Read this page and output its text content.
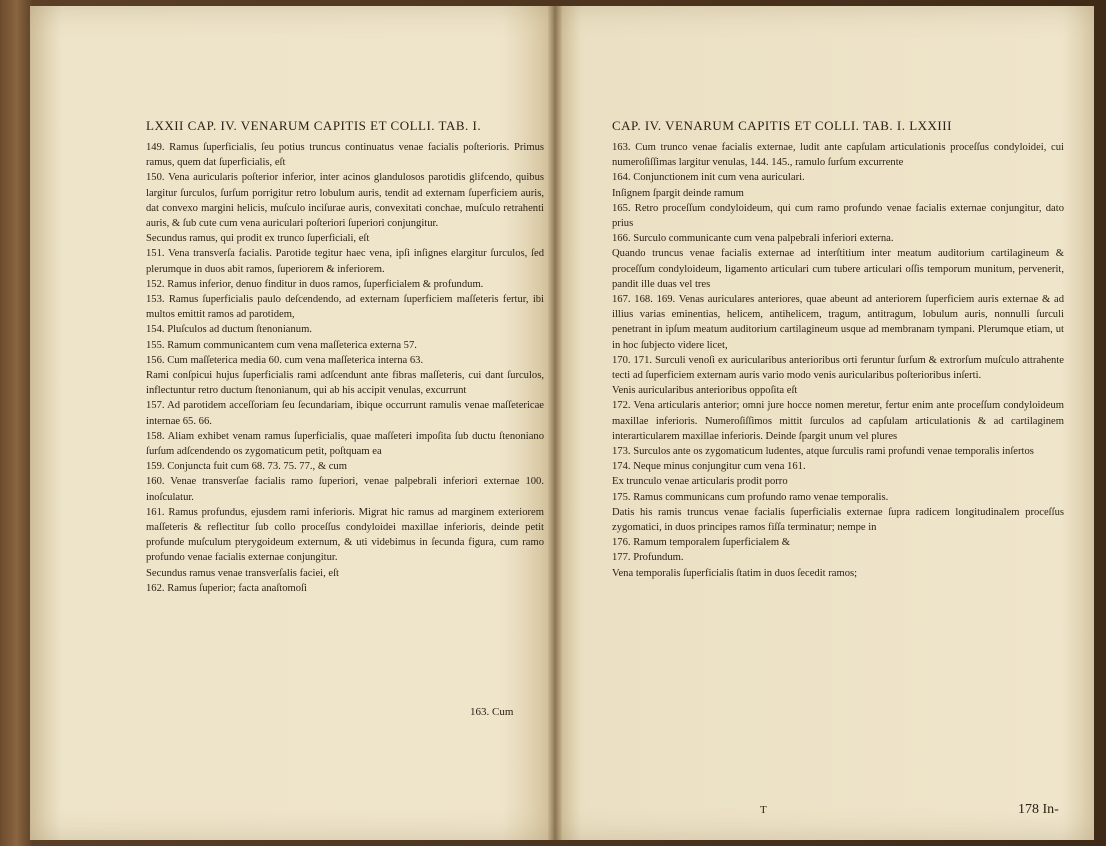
LXXII CAP. IV. VENARUM CAPITIS ET COLLI. TAB. I.

149. Ramus ſuperficialis, ſeu potius truncus continuatus venae facialis poſterioris. Primus ramus, quem dat ſuperficialis, eſt

150. Vena auricularis poſterior inferior, inter acinos glandulosos parotidis glifcendo, quibus largitur ſurculos, ſurſum porrigitur retro lobulum auris, tendit ad externam ſuperficiem auris, dat convexo margini helicis, muſculo inciſurae auris, convexitati conchae, muſculo retrahenti auris, & ſub cute cum vena auriculari poſteriori ſuperiori conjungitur.

Secundus ramus, qui prodit ex trunco ſuperficiali, eſt

151. Vena transverſa facialis. Parotide tegitur haec vena, ipſi inſignes elargitur ſurculos, ſed plerumque in duos abit ramos, ſuperiorem & inferiorem.

152. Ramus inferior, denuo finditur in duos ramos, ſuperficialem & profundum.

153. Ramus ſuperficialis paulo deſcendendo, ad externam ſuperficiem maſſeteris fertur, ibi multos emittit ramos ad parotidem,

154. Pluſculos ad ductum ſtenonianum.

155. Ramum communicantem cum vena maſſeterica externa 57.

156. Cum maſſeterica media 60. cum vena maſſeterica interna 63.

Rami conſpicui hujus ſuperficialis rami adſcendunt ante fibras maſſeteris, cui dant ſurculos, inflectuntur retro ductum ſtenonianum, qui ab his accipit venulas, excurrunt

157. Ad parotidem acceſſoriam ſeu ſecundariam, ibique occurrunt ramulis venae maſſetericae internae 65. 66.

158. Aliam exhibet venam ramus ſuperficialis, quae maſſeteri impoſita ſub ductu ſtenoniano ſurſum adſcendendo os zygomaticum petit, poſtquam ea

159. Conjuncta fuit cum 68. 73. 75. 77., & cum

160. Venae transverſae facialis ramo ſuperiori, venae palpebrali inferiori externae 100. inoſculatur.

161. Ramus profundus, ejusdem rami inferioris. Migrat hic ramus ad marginem exteriorem maſſeteris & reflectitur ſub collo proceſſus condyloidei maxillae inferioris, deinde petit profunde muſculum pterygoideum externum, & uti videbimus in ſecunda figura, cum ramo profundo venae facialis externae conjungitur.

Secundus ramus venae transverſalis faciei, eſt

162. Ramus ſuperior; facta anaſtomoſi

163. Cum
CAP. IV. VENARUM CAPITIS ET COLLI. TAB. I. LXXIII

163. Cum trunco venae facialis externae, ludit ante capſulam articulationis proceſſus condyloidei, cui numeroſiſſimas largitur venulas, 144. 145., ramulo ſurſum excurrente

164. Conjunctionem init cum vena auriculari.

Inſignem ſpargit deinde ramum

165. Retro proceſſum condyloideum, qui cum ramo profundo venae facialis externae conjungitur, dato prius

166. Surculo communicante cum vena palpebrali inferiori externa.

Quando truncus venae facialis externae ad interſtitium inter meatum auditorium cartilagineum & proceſſum condyloideum, ligamento articulari cum tubere articulari oſſis temporum munitum, pervenerit, pandit ille duas vel tres

167. 168. 169. Venas auriculares anteriores, quae abeunt ad anteriorem ſuperficiem auris externae & ad illius varias eminentias, helicem, antihelicem, tragum, antitragum, lobulum auris, nonnulli ſurculi penetrant in ipſum meatum auditorium cartilagineum usque ad membranam tympani. Plerumque etiam, ut in hoc ſubjecto videre licet,

170. 171. Surculi venoſi ex auricularibus anterioribus orti feruntur ſurſum & extrorſum muſculo attrahente tecti ad ſuperficiem externam auris vario modo venis auricularibus poſterioribus inſerti.

Venis auricularibus anterioribus oppoſita eſt

172. Vena articularis anterior; omni jure hocce nomen meretur, fertur enim ante proceſſum condyloideum maxillae inferioris. Numeroſiſſimos mittit ſurculos ad capſulam articulationis & ad cartilaginem interarticularem maxillae inferioris. Deinde ſpargit unum vel plures

173. Surculos ante os zygomaticum ludentes, atque ſurculis rami profundi venae temporalis inſertos

174. Neque minus conjungitur cum vena 161.

Ex trunculo venae articularis prodit porro

175. Ramus communicans cum profundo ramo venae temporalis.

Datis his ramis truncus venae facialis ſuperficialis externae ſupra radicem longitudinalem proceſſus zygomatici, in duos principes ramos fiſſa terminatur; nempe in

176. Ramum temporalem ſuperficialem &

177. Profundum.

Vena temporalis ſuperficialis ſtatim in duos ſecedit ramos;

T	178 In-
